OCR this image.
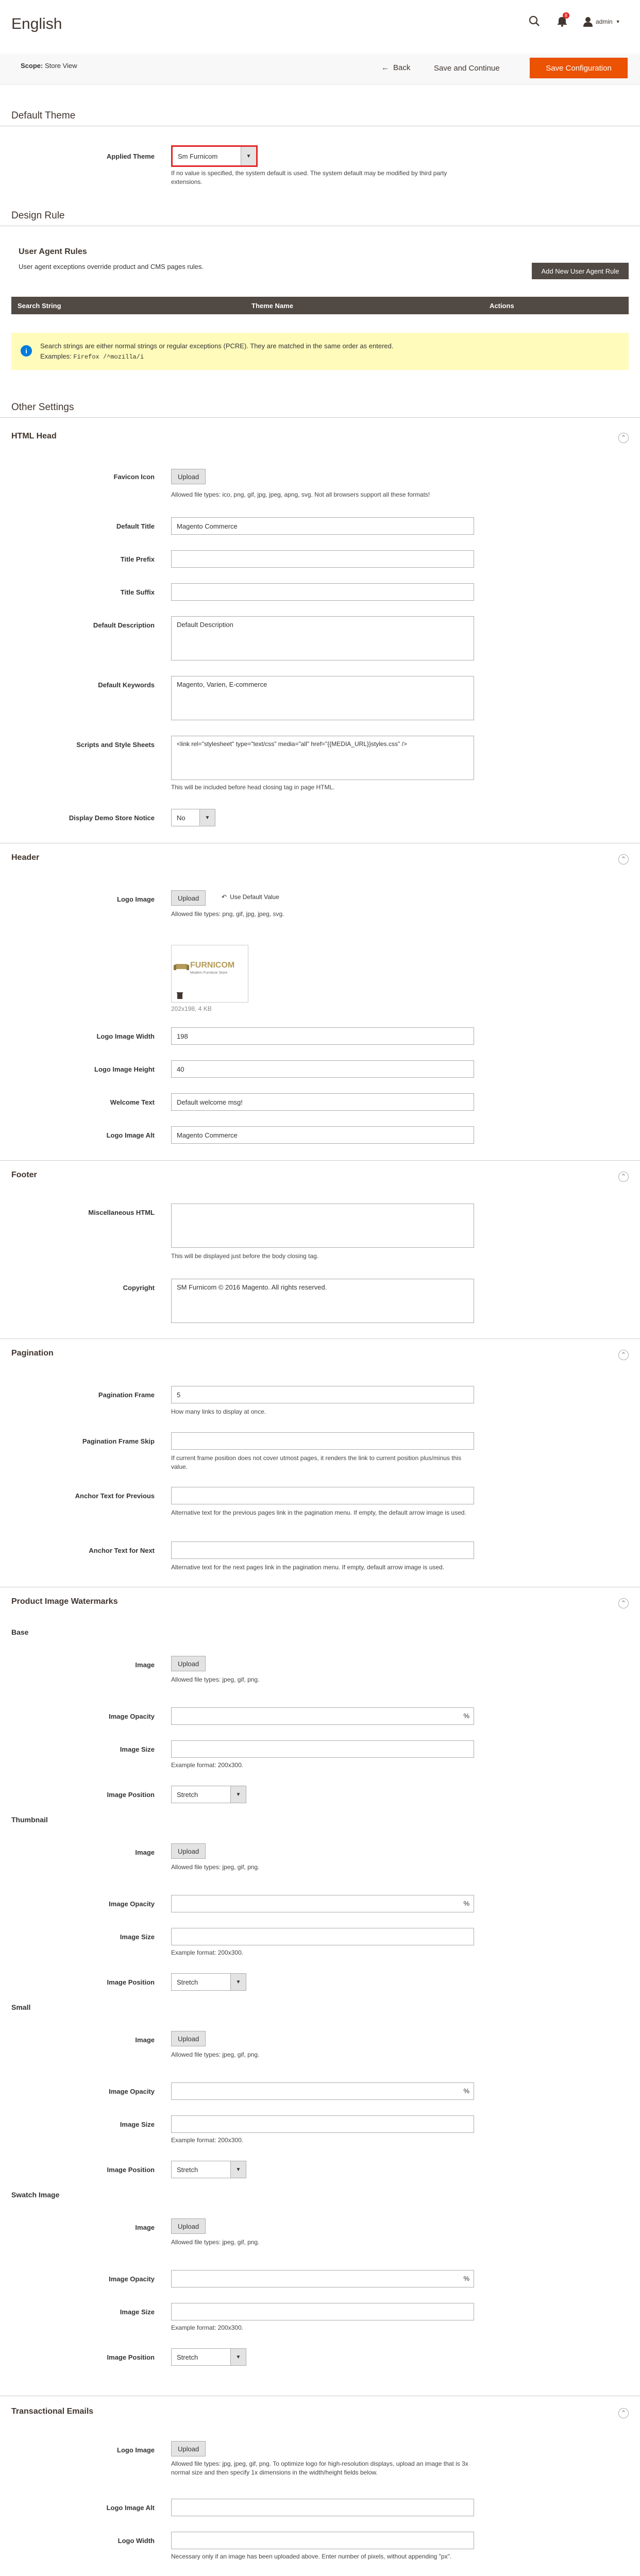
English	8
admin ▼
Scope: Store View	← Back	Save and Continue	Save Configuration
Default Theme
Applied Theme	Sm Furnicom	▼
If no value is specified, the system default is used. The system default may be modified by third party extensions.
Design Rule
User Agent Rules
User agent exceptions override product and CMS pages rules.
Add New User Agent Rule
Search String	Theme Name	Actions
i
Search strings are either normal strings or regular exceptions (PCRE). They are matched in the same order as entered.
Examples: Firefox /^mozilla/i
Other Settings
HTML Head	⌃
Favicon Icon	Upload
Allowed file types: ico, png, gif, jpg, jpeg, apng, svg. Not all browsers support all these formats!
Default Title	Magento Commerce
Title Prefix
Title Suffix
Default Description	Default Description
Default Keywords	Magento, Varien, E-commerce
Scripts and Style Sheets	<link rel="stylesheet" type="text/css" media="all" href="{{MEDIA_URL}}styles.css" />
This will be included before head closing tag in page HTML.
Display Demo Store Notice	No	▼
Header	⌃
Logo Image	Upload	↶ Use Default Value
Allowed file types: png, gif, jpg, jpeg, svg.
FURNICOM
Modern Furniture Store
202x198, 4 KB
Logo Image Width	198
Logo Image Height	40
Welcome Text	Default welcome msg!
Logo Image Alt	Magento Commerce
Footer	⌃
Miscellaneous HTML
This will be displayed just before the body closing tag.
Copyright	SM Furnicom © 2016 Magento. All rights reserved.
Pagination	⌃
Pagination Frame	5
How many links to display at once.
Pagination Frame Skip
If current frame position does not cover utmost pages, it renders the link to current position plus/minus this value.
Anchor Text for Previous
Alternative text for the previous pages link in the pagination menu. If empty, the default arrow image is used.
Anchor Text for Next
Alternative text for the next pages link in the pagination menu. If empty, default arrow image is used.
Product Image Watermarks	⌃
Base
Image	Upload
Allowed file types: jpeg, gif, png.
Image Opacity	%
Image Size
Example format: 200x300.
Image Position	Stretch	▼
Thumbnail
Image	Upload
Allowed file types: jpeg, gif, png.
Image Opacity	%
Image Size
Example format: 200x300.
Image Position	Stretch	▼
Small
Image	Upload
Allowed file types: jpeg, gif, png.
Image Opacity	%
Image Size
Example format: 200x300.
Image Position	Stretch	▼
Swatch Image
Image	Upload
Allowed file types: jpeg, gif, png.
Image Opacity	%
Image Size
Example format: 200x300.
Image Position	Stretch	▼
Transactional Emails	⌃
Logo Image	Upload
Allowed file types: jpg, jpeg, gif, png. To optimize logo for high-resolution displays, upload an image that is 3x normal size and then specify 1x dimensions in the width/height fields below.
Logo Image Alt
Logo Width
Necessary only if an image has been uploaded above. Enter number of pixels, without appending "px".
